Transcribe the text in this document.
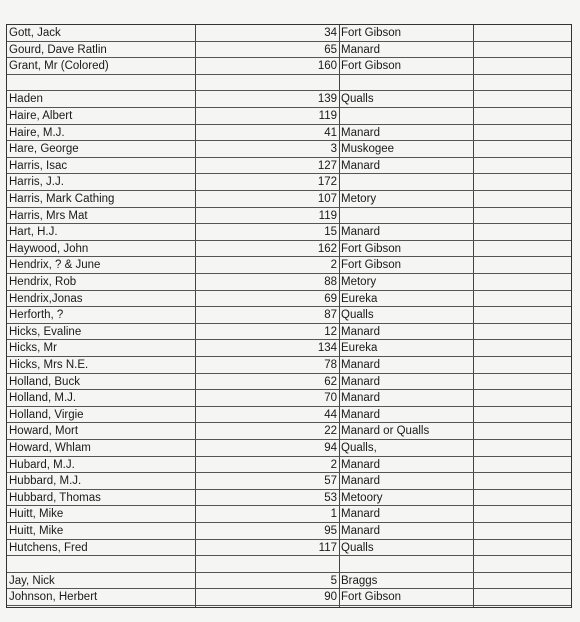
Gott, Jack	34 Fort Gibson
Gourd, Dave Ratlin	65 Manard
Grant, Mr (Colored)	160 Fort Gibson
Haden	139 Qualls
Haire, Albert	119
Haire, M.J.	41 Manard
Hare, George	3 Muskogee
Harris, Isac	127 Manard
Harris, J.J.	172
Harris, Mark Cathing	107 Metory
Harris, Mrs Mat	119
Hart, H.J.	15 Manard
Haywood, John	162 Fort Gibson
Hendrix, ? & June	2 Fort Gibson
Hendrix, Rob	88 Metory
Hendrix,Jonas	69 Eureka
Herforth, ?	87 Qualls
Hicks, Evaline	12 Manard
Hicks, Mr	134 Eureka
Hicks, Mrs N.E.	78 Manard
Holland, Buck	62 Manard
Holland, M.J.	70 Manard
Holland, Virgie	44 Manard
Howard, Mort	22 Manard or Qualls
Howard, Whlam	94 Qualls,
Hubard, M.J.	2 Manard
Hubbard, M.J.	57 Manard
Hubbard, Thomas	53 Metoory
Huitt, Mike	1 Manard
Huitt, Mike	95 Manard
Hutchens, Fred	117 Qualls
Jay, Nick	5 Braggs
Johnson, Herbert	90 Fort Gibson
